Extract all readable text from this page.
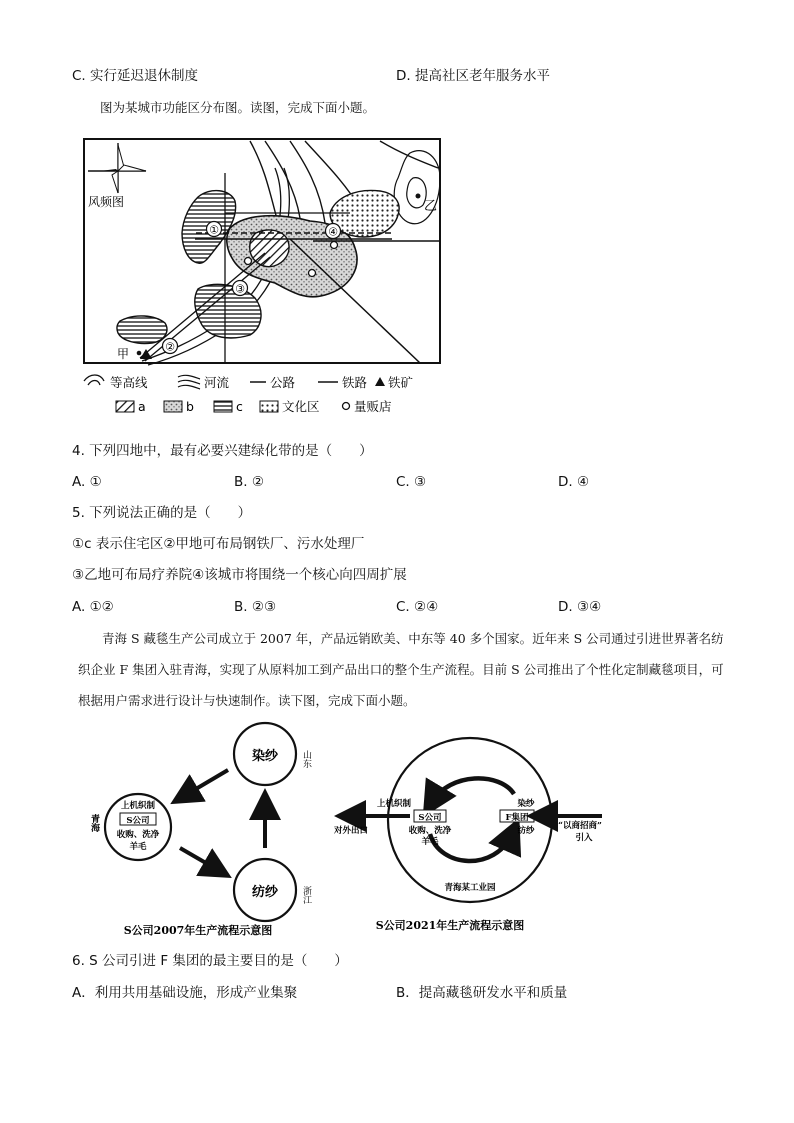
C. 实行延迟退休制度	D. 提高社区老年服务水平
图为某城市功能区分布图。读图，完成下面小题。
风频图	乙
①
②
③
④
甲
等高线	河流	公路	铁路 铁矿
a	b	c	文化区	量贩店
4. 下列四地中，最有必要兴建绿化带的是（　　）
A. ①	B. ②	C. ③	D. ④
5. 下列说法正确的是（　　）
①c 表示住宅区②甲地可布局钢铁厂、污水处理厂
③乙地可布局疗养院④该城市将围绕一个核心向四周扩展
A. ①②	B. ②③	C. ②④	D. ③④
青海 S 藏毯生产公司成立于 2007 年，产品远销欧美、中东等 40 多个国家。近年来 S 公司通过引进世界著名纺织企业 F 集团入驻青海，实现了从原料加工到产品出口的整个生产流程。目前 S 公司推出了个性化定制藏毯项目，可根据用户需求进行设计与快速制作。读下图，完成下面小题。
染纱	山东
纺纱	浙江
青海
上机织制
S公司
收购、洗净
羊毛
S公司2007年生产流程示意图
上机织制
S公司
收购、洗净
羊毛
染纱
F集团
纺纱
对外出口	“以商招商”
引入
青海某工业园
S公司2021年生产流程示意图
6. S 公司引进 F 集团的最主要目的是（　　）
A．利用共用基础设施，形成产业集聚	B．提高藏毯研发水平和质量
